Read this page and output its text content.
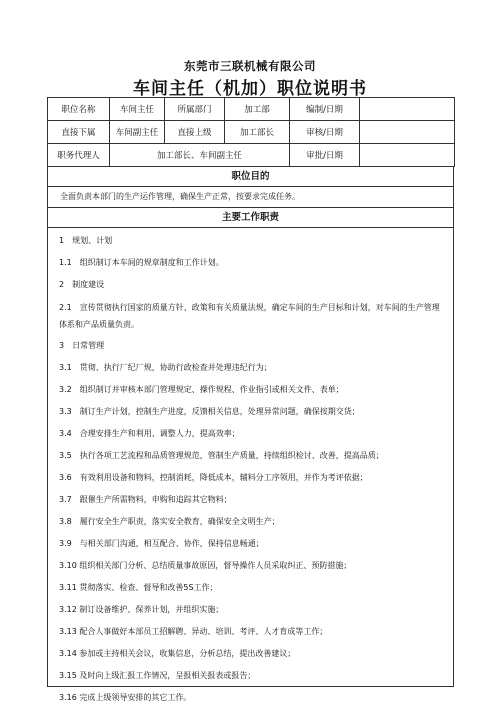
东莞市三联机械有限公司
车间主任（机加）职位说明书
职位名称	车间主任	所属部门	加工部	编制/日期	
直接下属	车间副主任	直接上级	加工部长	审核/日期	
职务代理人	加工部长、车间副主任			审批/日期	
职位目的
全面负责本部门的生产运作管理，确保生产正常，按要求完成任务。
主要工作职责
1　规划、计划
1.1　组织制订本车间的规章制度和工作计划。
2　制度建设
2.1　宣传贯彻执行国家的质量方针、政策和有关质量法规，确定车间的生产目标和计划，对车间的生产管理体系和产品质量负责。
3　日常管理
3.1　贯彻、执行厂纪厂规，协助行政检查并处理违纪行为；
3.2　组织制订并审核本部门管理规定、操作规程、作业指引或相关文件、表单；
3.3　制订生产计划，控制生产进度，反馈相关信息，处理异常问题，确保按期交货；
3.4　合理安排生产和利用、调整人力，提高效率；
3.5　执行各项工艺流程和品质管理规范，管制生产质量，持续组织检讨、改善，提高品质；
3.6　有效利用设备和物料，控制消耗，降低成本，辅料分工序领用，并作为考评依据；
3.7　跟催生产所需物料，申购和追踪其它物料；
3.8　履行安全生产职责，落实安全教育，确保安全文明生产；
3.9　与相关部门沟通，相互配合、协作，保持信息畅通；
3.10 组织相关部门分析、总结质量事故原因，督导操作人员采取纠正、预防措施；
3.11 贯彻落实、检查、督导和改善5S工作；
3.12 制订设备维护、保养计划，并组织实施；
3.13 配合人事做好本部员工招解聘、异动、培训、考评、人才育成等工作；
3.14 参加或主持相关会议，收集信息，分析总结，提出改善建议；
3.15 及时向上级汇报工作情况，呈报相关报表或报告；
3.16 完成上级领导安排的其它工作。
